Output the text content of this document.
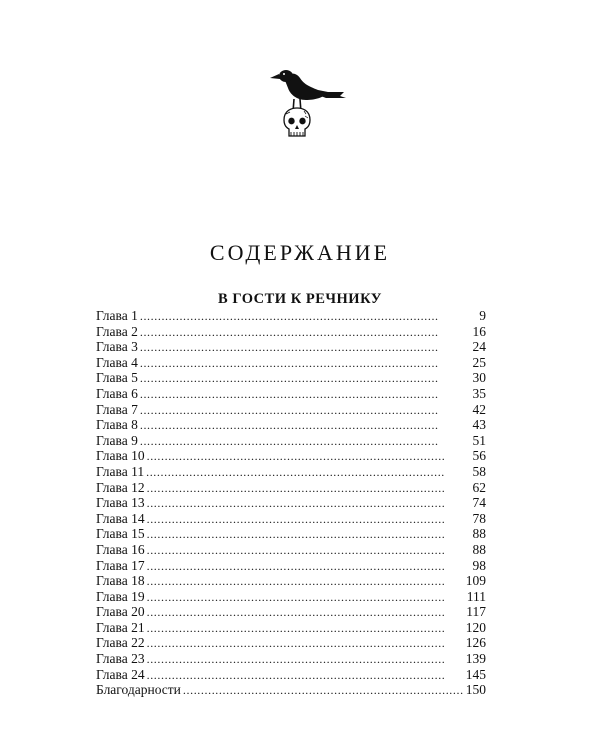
СОДЕРЖАНИЕ
В ГОСТИ К РЕЧНИКУ
Глава 1 . . .	9
Глава 2 . . .	16
Глава 3 . . .	24
Глава 4 . . .	25
Глава 5 . . .	30
Глава 6 . . .	35
Глава 7 . . .	42
Глава 8 . . .	43
Глава 9 . . .	51
Глава 10 . . .	56
Глава 11 . . .	58
Глава 12 . . .	62
Глава 13 . . .	74
Глава 14 . . .	78
Глава 15 . . .	88
Глава 16 . . .	88
Глава 17 . . .	98
Глава 18 . . .	109
Глава 19 . . .	111
Глава 20 . . .	117
Глава 21 . . .	120
Глава 22 . . .	126
Глава 23 . . .	139
Глава 24 . . .	145
Благодарности . . .	150
